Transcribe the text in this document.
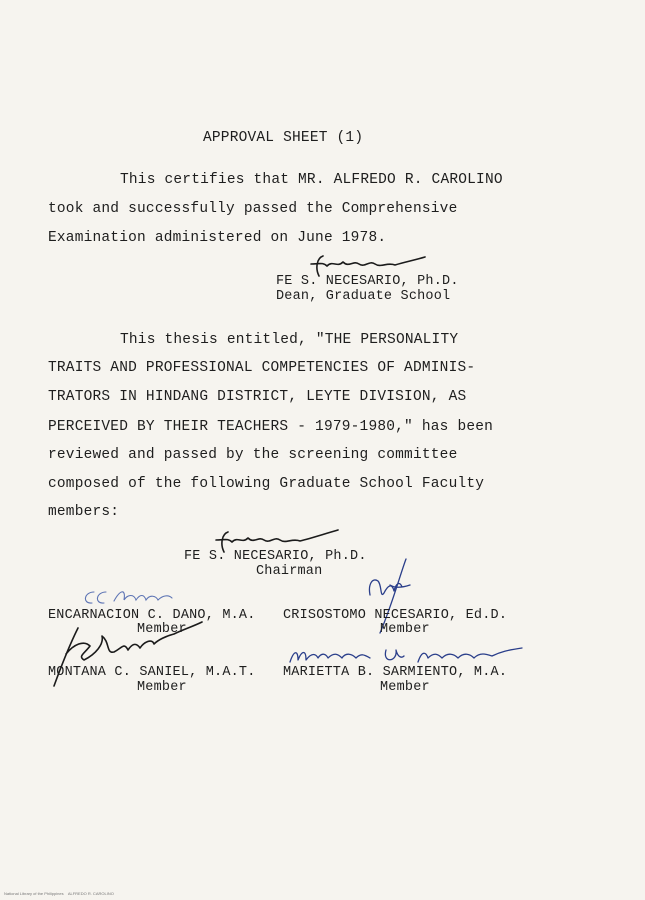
APPROVAL SHEET (1)
This certifies that MR. ALFREDO R. CAROLINO
took and successfully passed the Comprehensive
Examination administered on June 1978.
FE S. NECESARIO, Ph.D.
Dean, Graduate School
This thesis entitled, "THE PERSONALITY
TRAITS AND PROFESSIONAL COMPETENCIES OF ADMINIS-
TRATORS IN HINDANG DISTRICT, LEYTE DIVISION, AS
PERCEIVED BY THEIR TEACHERS - 1979-1980," has been
reviewed and passed by the screening committee
composed of the following Graduate School Faculty
members:
FE S. NECESARIO, Ph.D.
Chairman
ENCARNACION C. DANO, M.A.
Member
CRISOSTOMO NECESARIO, Ed.D.
Member
MONTANA C. SANIEL, M.A.T.
Member
MARIETTA B. SARMIENTO, M.A.
Member
National Library of the Philippines    ALFREDO R. CAROLINO
